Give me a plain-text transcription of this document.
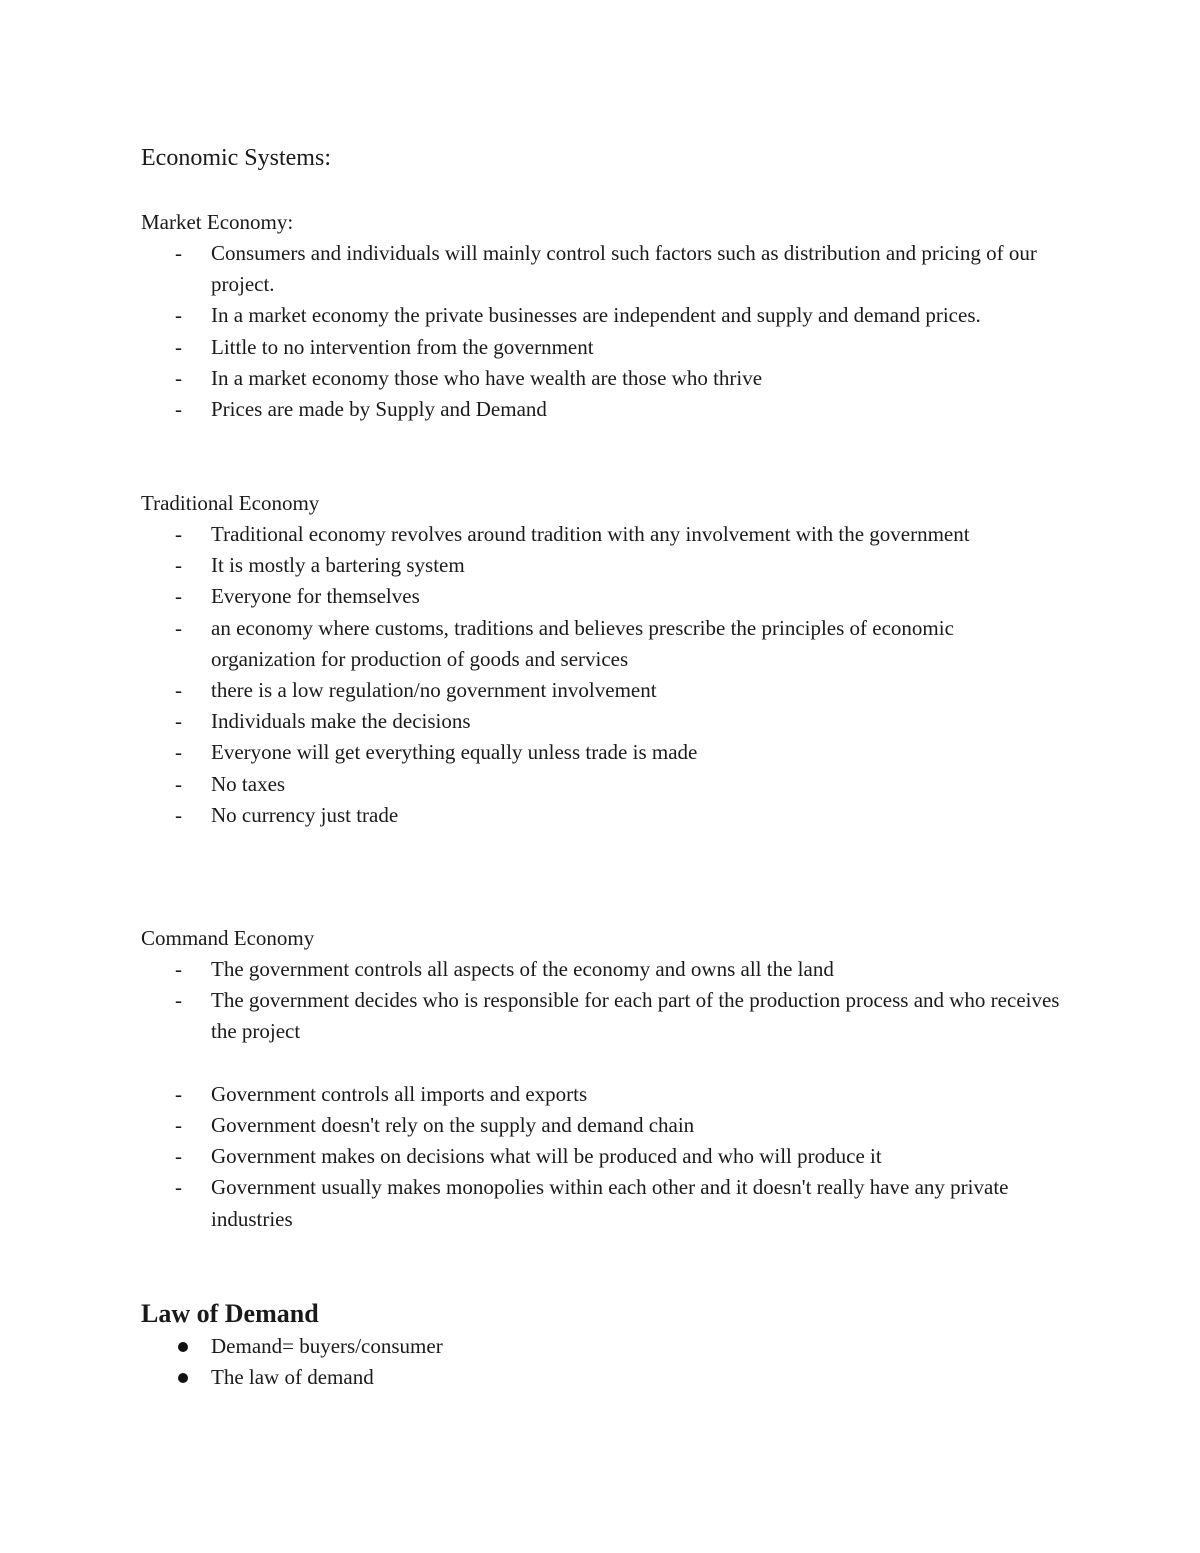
Economic Systems:

Market Economy:

-	Consumers and individuals will mainly control such factors such as distribution and pricing of our project.
-	In a market economy the private businesses are independent and supply and demand prices.
-	Little to no intervention from the government
-	In a market economy those who have wealth are those who thrive
-	Prices are made by Supply and Demand

Traditional Economy

-	Traditional economy revolves around tradition with any involvement with the government
-	It is mostly a bartering system
-	Everyone for themselves
-	an economy where customs, traditions and believes prescribe the principles of economic organization for production of goods and services
-	there is a low regulation/no government involvement
-	Individuals make the decisions
-	Everyone will get everything equally unless trade is made
-	No taxes
-	No currency just trade

Command Economy

-	The government controls all aspects of the economy and owns all the land
-	The government decides who is responsible for each part of the production process and who receives the project
-	Government controls all imports and exports
-	Government doesn't rely on the supply and demand chain
-	Government makes on decisions what will be produced and who will produce it
-	Government usually makes monopolies within each other and it doesn't really have any private industries
Law of Demand
Demand= buyers/consumer
The law of demand
